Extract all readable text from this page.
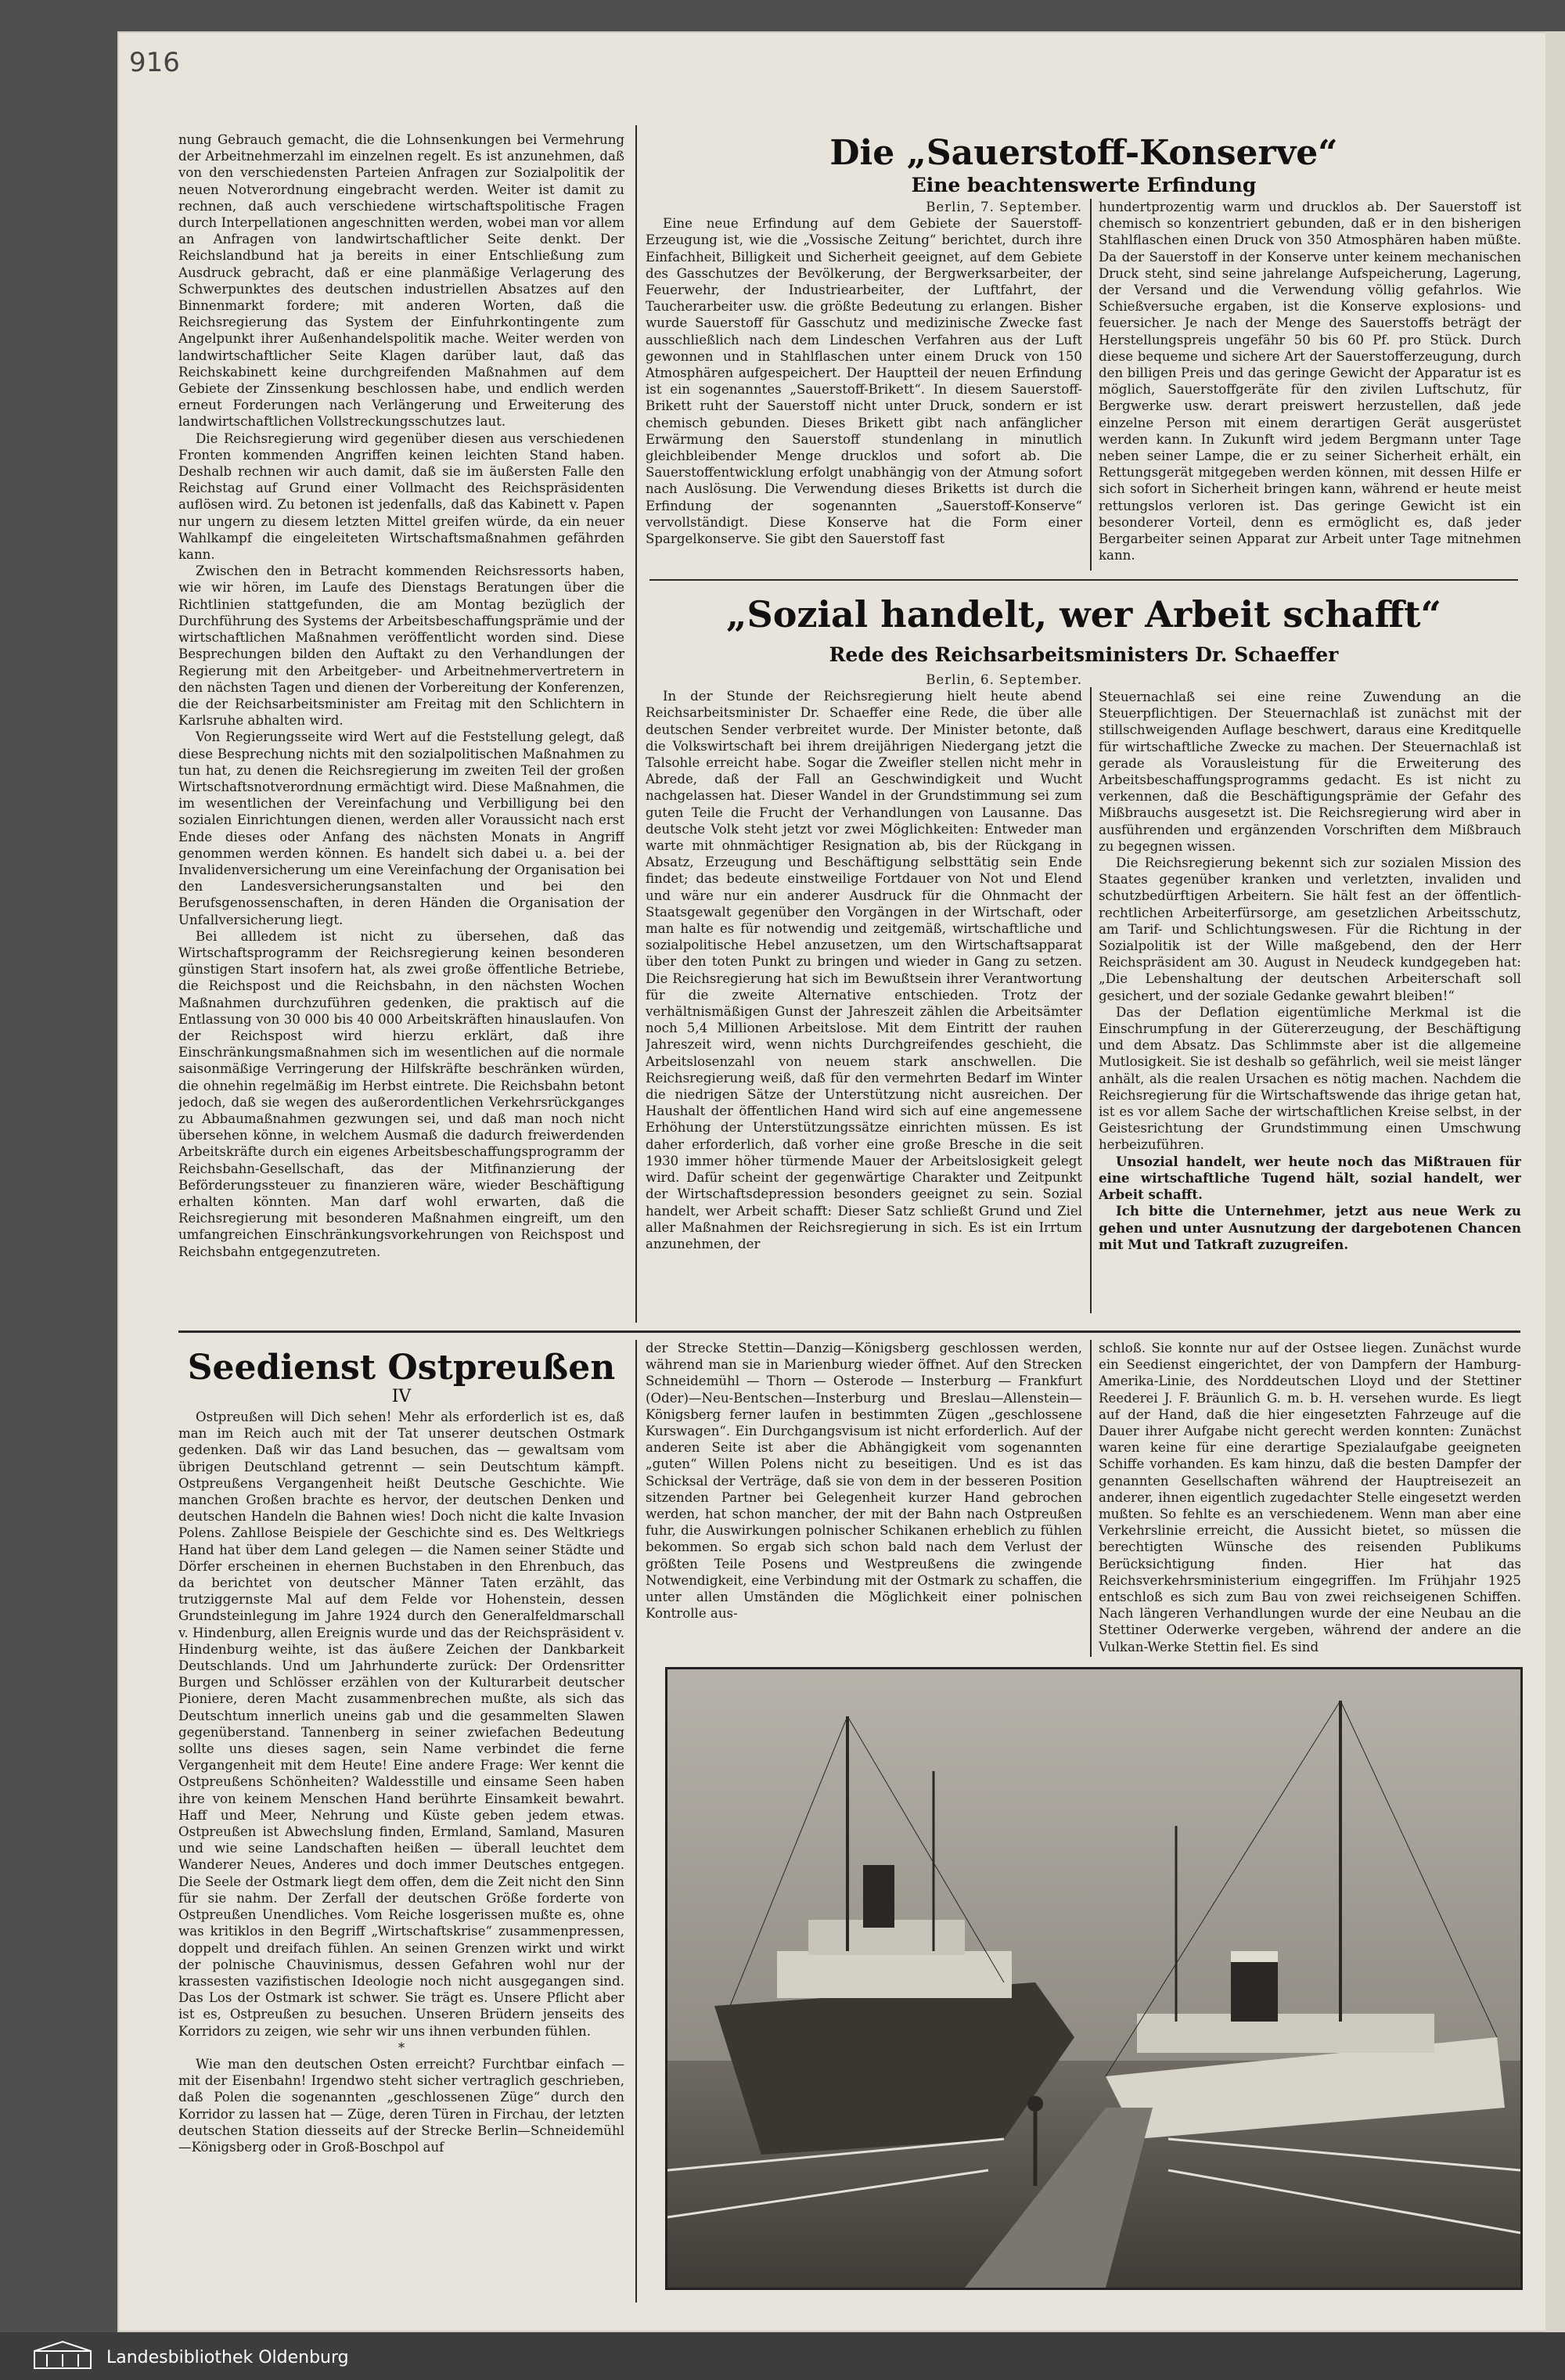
916

nung Gebrauch gemacht, die die Lohnsenkungen bei Vermehrung der Arbeitnehmerzahl im einzelnen regelt. Es ist anzunehmen, daß von den verschiedensten Parteien Anfragen zur Sozialpolitik der neuen Notverordnung eingebracht werden. Weiter ist damit zu rechnen, daß auch verschiedene wirtschaftspolitische Fragen durch Interpellationen angeschnitten werden, wobei man vor allem an Anfragen von landwirtschaftlicher Seite denkt. Der Reichslandbund hat ja bereits in einer Entschließung zum Ausdruck gebracht, daß er eine planmäßige Verlagerung des Schwerpunktes des deutschen industriellen Absatzes auf den Binnenmarkt fordere; mit anderen Worten, daß die Reichsregierung das System der Einfuhrkontingente zum Angelpunkt ihrer Außenhandelspolitik mache. Weiter werden von landwirtschaftlicher Seite Klagen darüber laut, daß das Reichskabinett keine durchgreifenden Maßnahmen auf dem Gebiete der Zinssenkung beschlossen habe, und endlich werden erneut Forderungen nach Verlängerung und Erweiterung des landwirtschaftlichen Vollstreckungsschutzes laut.

Die Reichsregierung wird gegenüber diesen aus verschiedenen Fronten kommenden Angriffen keinen leichten Stand haben. Deshalb rechnen wir auch damit, daß sie im äußersten Falle den Reichstag auf Grund einer Vollmacht des Reichspräsidenten auflösen wird. Zu betonen ist jedenfalls, daß das Kabinett v. Papen nur ungern zu diesem letzten Mittel greifen würde, da ein neuer Wahlkampf die eingeleiteten Wirtschaftsmaßnahmen gefährden kann.

Zwischen den in Betracht kommenden Reichsressorts haben, wie wir hören, im Laufe des Dienstags Beratungen über die Richtlinien stattgefunden, die am Montag bezüglich der Durchführung des Systems der Arbeitsbeschaffungsprämie und der wirtschaftlichen Maßnahmen veröffentlicht worden sind. Diese Besprechungen bilden den Auftakt zu den Verhandlungen der Regierung mit den Arbeitgeber- und Arbeitnehmervertretern in den nächsten Tagen und dienen der Vorbereitung der Konferenzen, die der Reichsarbeitsminister am Freitag mit den Schlichtern in Karlsruhe abhalten wird.

Von Regierungsseite wird Wert auf die Feststellung gelegt, daß diese Besprechung nichts mit den sozialpolitischen Maßnahmen zu tun hat, zu denen die Reichsregierung im zweiten Teil der großen Wirtschaftsnotverordnung ermächtigt wird. Diese Maßnahmen, die im wesentlichen der Vereinfachung und Verbilligung bei den sozialen Einrichtungen dienen, werden aller Voraussicht nach erst Ende dieses oder Anfang des nächsten Monats in Angriff genommen werden können. Es handelt sich dabei u. a. bei der Invalidenversicherung um eine Vereinfachung der Organisation bei den Landesversicherungsanstalten und bei den Berufsgenossenschaften, in deren Händen die Organisation der Unfallversicherung liegt.

Bei allledem ist nicht zu übersehen, daß das Wirtschaftsprogramm der Reichsregierung keinen besonderen günstigen Start insofern hat, als zwei große öffentliche Betriebe, die Reichspost und die Reichsbahn, in den nächsten Wochen Maßnahmen durchzuführen gedenken, die praktisch auf die Entlassung von 30 000 bis 40 000 Arbeitskräften hinauslaufen. Von der Reichspost wird hierzu erklärt, daß ihre Einschränkungsmaßnahmen sich im wesentlichen auf die normale saisonmäßige Verringerung der Hilfskräfte beschränken würden, die ohnehin regelmäßig im Herbst eintrete. Die Reichsbahn betont jedoch, daß sie wegen des außerordentlichen Verkehrsrückganges zu Abbaumaßnahmen gezwungen sei, und daß man noch nicht übersehen könne, in welchem Ausmaß die dadurch freiwerdenden Arbeitskräfte durch ein eigenes Arbeitsbeschaffungsprogramm der Reichsbahn-Gesellschaft, das der Mitfinanzierung der Beförderungssteuer zu finanzieren wäre, wieder Beschäftigung erhalten könnten. Man darf wohl erwarten, daß die Reichsregierung mit besonderen Maßnahmen eingreift, um den umfangreichen Einschränkungsvorkehrungen von Reichspost und Reichsbahn entgegenzutreten.

Die „Sauerstoff-Konserve“
Eine beachtenswerte Erfindung
Berlin, 7. September.

Eine neue Erfindung auf dem Gebiete der Sauerstoff-Erzeugung ist, wie die „Vossische Zeitung“ berichtet, durch ihre Einfachheit, Billigkeit und Sicherheit geeignet, auf dem Gebiete des Gasschutzes der Bevölkerung, der Bergwerksarbeiter, der Feuerwehr, der Industriearbeiter, der Luftfahrt, der Taucherarbeiter usw. die größte Bedeutung zu erlangen. Bisher wurde Sauerstoff für Gasschutz und medizinische Zwecke fast ausschließlich nach dem Lindeschen Verfahren aus der Luft gewonnen und in Stahlflaschen unter einem Druck von 150 Atmosphären aufgespeichert. Der Hauptteil der neuen Erfindung ist ein sogenanntes „Sauerstoff-Brikett“. In diesem Sauerstoff-Brikett ruht der Sauerstoff nicht unter Druck, sondern er ist chemisch gebunden. Dieses Brikett gibt nach anfänglicher Erwärmung den Sauerstoff stundenlang in minutlich gleichbleibender Menge drucklos und sofort ab. Die Sauerstoffentwicklung erfolgt unabhängig von der Atmung sofort nach Auslösung. Die Verwendung dieses Briketts ist durch die Erfindung der sogenannten „Sauerstoff-Konserve“ vervollständigt. Diese Konserve hat die Form einer Spargelkonserve. Sie gibt den Sauerstoff fast

hundertprozentig warm und drucklos ab. Der Sauerstoff ist chemisch so konzentriert gebunden, daß er in den bisherigen Stahlflaschen einen Druck von 350 Atmosphären haben müßte. Da der Sauerstoff in der Konserve unter keinem mechanischen Druck steht, sind seine jahrelange Aufspeicherung, Lagerung, der Versand und die Verwendung völlig gefahrlos. Wie Schießversuche ergaben, ist die Konserve explosions- und feuersicher. Je nach der Menge des Sauerstoffs beträgt der Herstellungspreis ungefähr 50 bis 60 Pf. pro Stück. Durch diese bequeme und sichere Art der Sauerstofferzeugung, durch den billigen Preis und das geringe Gewicht der Apparatur ist es möglich, Sauerstoffgeräte für den zivilen Luftschutz, für Bergwerke usw. derart preiswert herzustellen, daß jede einzelne Person mit einem derartigen Gerät ausgerüstet werden kann. In Zukunft wird jedem Bergmann unter Tage neben seiner Lampe, die er zu seiner Sicherheit erhält, ein Rettungsgerät mitgegeben werden können, mit dessen Hilfe er sich sofort in Sicherheit bringen kann, während er heute meist rettungslos verloren ist. Das geringe Gewicht ist ein besonderer Vorteil, denn es ermöglicht es, daß jeder Bergarbeiter seinen Apparat zur Arbeit unter Tage mitnehmen kann.

„Sozial handelt, wer Arbeit schafft“
Rede des Reichsarbeitsministers Dr. Schaeffer
Berlin, 6. September.

In der Stunde der Reichsregierung hielt heute abend Reichsarbeitsminister Dr. Schaeffer eine Rede, die über alle deutschen Sender verbreitet wurde. Der Minister betonte, daß die Volkswirtschaft bei ihrem dreijährigen Niedergang jetzt die Talsohle erreicht habe. Sogar die Zweifler stellen nicht mehr in Abrede, daß der Fall an Geschwindigkeit und Wucht nachgelassen hat. Dieser Wandel in der Grundstimmung sei zum guten Teile die Frucht der Verhandlungen von Lausanne. Das deutsche Volk steht jetzt vor zwei Möglichkeiten: Entweder man warte mit ohnmächtiger Resignation ab, bis der Rückgang in Absatz, Erzeugung und Beschäftigung selbsttätig sein Ende findet; das bedeute einstweilige Fortdauer von Not und Elend und wäre nur ein anderer Ausdruck für die Ohnmacht der Staatsgewalt gegenüber den Vorgängen in der Wirtschaft, oder man halte es für notwendig und zeitgemäß, wirtschaftliche und sozialpolitische Hebel anzusetzen, um den Wirtschaftsapparat über den toten Punkt zu bringen und wieder in Gang zu setzen. Die Reichsregierung hat sich im Bewußtsein ihrer Verantwortung für die zweite Alternative entschieden. Trotz der verhältnismäßigen Gunst der Jahreszeit zählen die Arbeitsämter noch 5,4 Millionen Arbeitslose. Mit dem Eintritt der rauhen Jahreszeit wird, wenn nichts Durchgreifendes geschieht, die Arbeitslosenzahl von neuem stark anschwellen. Die Reichsregierung weiß, daß für den vermehrten Bedarf im Winter die niedrigen Sätze der Unterstützung nicht ausreichen. Der Haushalt der öffentlichen Hand wird sich auf eine angemessene Erhöhung der Unterstützungssätze einrichten müssen. Es ist daher erforderlich, daß vorher eine große Bresche in die seit 1930 immer höher türmende Mauer der Arbeitslosigkeit gelegt wird. Dafür scheint der gegenwärtige Charakter und Zeitpunkt der Wirtschaftsdepression besonders geeignet zu sein. Sozial handelt, wer Arbeit schafft: Dieser Satz schließt Grund und Ziel aller Maßnahmen der Reichsregierung in sich. Es ist ein Irrtum anzunehmen, der

Steuernachlaß sei eine reine Zuwendung an die Steuerpflichtigen. Der Steuernachlaß ist zunächst mit der stillschweigenden Auflage beschwert, daraus eine Kreditquelle für wirtschaftliche Zwecke zu machen. Der Steuernachlaß ist gerade als Vorausleistung für die Erweiterung des Arbeitsbeschaffungsprogramms gedacht. Es ist nicht zu verkennen, daß die Beschäftigungsprämie der Gefahr des Mißbrauchs ausgesetzt ist. Die Reichsregierung wird aber in ausführenden und ergänzenden Vorschriften dem Mißbrauch zu begegnen wissen.

Die Reichsregierung bekennt sich zur sozialen Mission des Staates gegenüber kranken und verletzten, invaliden und schutzbedürftigen Arbeitern. Sie hält fest an der öffentlich-rechtlichen Arbeiterfürsorge, am gesetzlichen Arbeitsschutz, am Tarif- und Schlichtungswesen. Für die Richtung in der Sozialpolitik ist der Wille maßgebend, den der Herr Reichspräsident am 30. August in Neudeck kundgegeben hat: „Die Lebenshaltung der deutschen Arbeiterschaft soll gesichert, und der soziale Gedanke gewahrt bleiben!“

Das der Deflation eigentümliche Merkmal ist die Einschrumpfung in der Gütererzeugung, der Beschäftigung und dem Absatz. Das Schlimmste aber ist die allgemeine Mutlosigkeit. Sie ist deshalb so gefährlich, weil sie meist länger anhält, als die realen Ursachen es nötig machen. Nachdem die Reichsregierung für die Wirtschaftswende das ihrige getan hat, ist es vor allem Sache der wirtschaftlichen Kreise selbst, in der Geistesrichtung der Grundstimmung einen Umschwung herbeizuführen.

Unsozial handelt, wer heute noch das Mißtrauen für eine wirtschaftliche Tugend hält, sozial handelt, wer Arbeit schafft.

Ich bitte die Unternehmer, jetzt aus neue Werk zu gehen und unter Ausnutzung der dargebotenen Chancen mit Mut und Tatkraft zuzugreifen.

Seedienst Ostpreußen
IV

Ostpreußen will Dich sehen! Mehr als erforderlich ist es, daß man im Reich auch mit der Tat unserer deutschen Ostmark gedenken. Daß wir das Land besuchen, das — gewaltsam vom übrigen Deutschland getrennt — sein Deutschtum kämpft. Ostpreußens Vergangenheit heißt Deutsche Geschichte. Wie manchen Großen brachte es hervor, der deutschen Denken und deutschen Handeln die Bahnen wies! Doch nicht die kalte Invasion Polens. Zahllose Beispiele der Geschichte sind es. Des Weltkriegs Hand hat über dem Land gelegen — die Namen seiner Städte und Dörfer erscheinen in ehernen Buchstaben in den Ehrenbuch, das da berichtet von deutscher Männer Taten erzählt, das trutziggernste Mal auf dem Felde vor Hohenstein, dessen Grundsteinlegung im Jahre 1924 durch den Generalfeldmarschall v. Hindenburg, allen Ereignis wurde und das der Reichspräsident v. Hindenburg weihte, ist das äußere Zeichen der Dankbarkeit Deutschlands. Und um Jahrhunderte zurück: Der Ordensritter Burgen und Schlösser erzählen von der Kulturarbeit deutscher Pioniere, deren Macht zusammenbrechen mußte, als sich das Deutschtum innerlich uneins gab und die gesammelten Slawen gegenüberstand. Tannenberg in seiner zwiefachen Bedeutung sollte uns dieses sagen, sein Name verbindet die ferne Vergangenheit mit dem Heute! Eine andere Frage: Wer kennt die Ostpreußens Schönheiten? Waldesstille und einsame Seen haben ihre von keinem Menschen Hand berührte Einsamkeit bewahrt. Haff und Meer, Nehrung und Küste geben jedem etwas. Ostpreußen ist Abwechslung finden, Ermland, Samland, Masuren und wie seine Landschaften heißen — überall leuchtet dem Wanderer Neues, Anderes und doch immer Deutsches entgegen. Die Seele der Ostmark liegt dem offen, dem die Zeit nicht den Sinn für sie nahm. Der Zerfall der deutschen Größe forderte von Ostpreußen Unendliches. Vom Reiche losgerissen mußte es, ohne was kritiklos in den Begriff „Wirtschaftskrise“ zusammenpressen, doppelt und dreifach fühlen. An seinen Grenzen wirkt und wirkt der polnische Chauvinismus, dessen Gefahren wohl nur der krassesten vazifistischen Ideologie noch nicht ausgegangen sind. Das Los der Ostmark ist schwer. Sie trägt es. Unsere Pflicht aber ist es, Ostpreußen zu besuchen. Unseren Brüdern jenseits des Korridors zu zeigen, wie sehr wir uns ihnen verbunden fühlen.

*

Wie man den deutschen Osten erreicht? Furchtbar einfach — mit der Eisenbahn! Irgendwo steht sicher vertraglich geschrieben, daß Polen die sogenannten „geschlossenen Züge“ durch den Korridor zu lassen hat — Züge, deren Türen in Firchau, der letzten deutschen Station diesseits auf der Strecke Berlin—Schneidemühl—Königsberg oder in Groß-Boschpol auf

der Strecke Stettin—Danzig—Königsberg geschlossen werden, während man sie in Marienburg wieder öffnet. Auf den Strecken Schneidemühl — Thorn — Osterode — Insterburg — Frankfurt (Oder)—Neu-Bentschen—Insterburg und Breslau—Allenstein—Königsberg ferner laufen in bestimmten Zügen „geschlossene Kurswagen“. Ein Durchgangsvisum ist nicht erforderlich. Auf der anderen Seite ist aber die Abhängigkeit vom sogenannten „guten“ Willen Polens nicht zu beseitigen. Und es ist das Schicksal der Verträge, daß sie von dem in der besseren Position sitzenden Partner bei Gelegenheit kurzer Hand gebrochen werden, hat schon mancher, der mit der Bahn nach Ostpreußen fuhr, die Auswirkungen polnischer Schikanen erheblich zu fühlen bekommen. So ergab sich schon bald nach dem Verlust der größten Teile Posens und Westpreußens die zwingende Notwendigkeit, eine Verbindung mit der Ostmark zu schaffen, die unter allen Umständen die Möglichkeit einer polnischen Kontrolle aus-

schloß. Sie konnte nur auf der Ostsee liegen. Zunächst wurde ein Seedienst eingerichtet, der von Dampfern der Hamburg-Amerika-Linie, des Norddeutschen Lloyd und der Stettiner Reederei J. F. Bräunlich G. m. b. H. versehen wurde. Es liegt auf der Hand, daß die hier eingesetzten Fahrzeuge auf die Dauer ihrer Aufgabe nicht gerecht werden konnten: Zunächst waren keine für eine derartige Spezialaufgabe geeigneten Schiffe vorhanden. Es kam hinzu, daß die besten Dampfer der genannten Gesellschaften während der Hauptreisezeit an anderer, ihnen eigentlich zugedachter Stelle eingesetzt werden mußten. So fehlte es an verschiedenem. Wenn man aber eine Verkehrslinie erreicht, die Aussicht bietet, so müssen die berechtigten Wünsche des reisenden Publikums Berücksichtigung finden. Hier hat das Reichsverkehrsministerium eingegriffen. Im Frühjahr 1925 entschloß es sich zum Bau von zwei reichseigenen Schiffen. Nach längeren Verhandlungen wurde der eine Neubau an die Stettiner Oderwerke vergeben, während der andere an die Vulkan-Werke Stettin fiel. Es sind

Landesbibliothek Oldenburg
